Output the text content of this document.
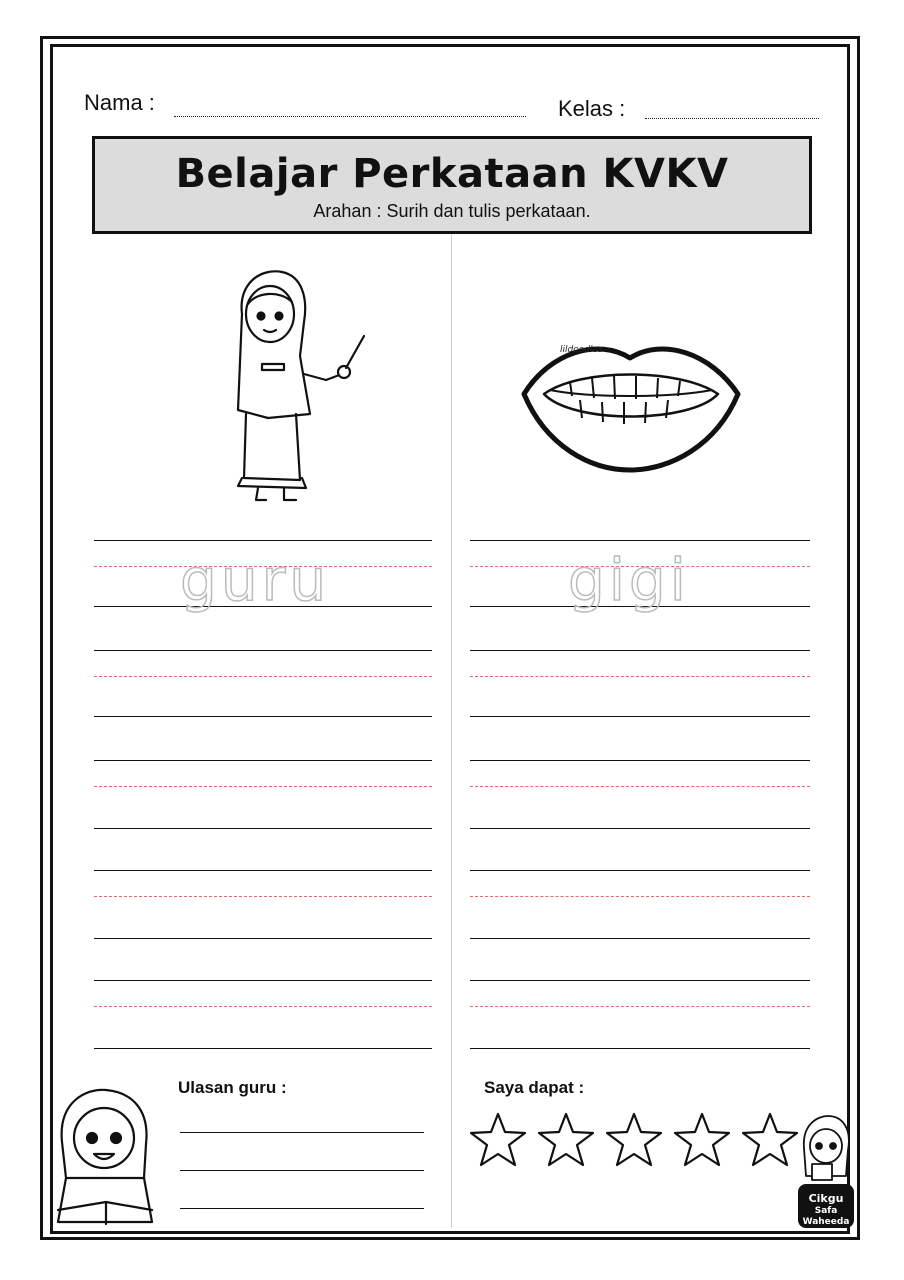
Nama :	Kelas :
Belajar Perkataan KVKV
Arahan : Surih dan tulis perkataan.
lildoodles
guru	gigi
Ulasan guru :	Saya dapat :
Cikgu
Safa
Waheeda
